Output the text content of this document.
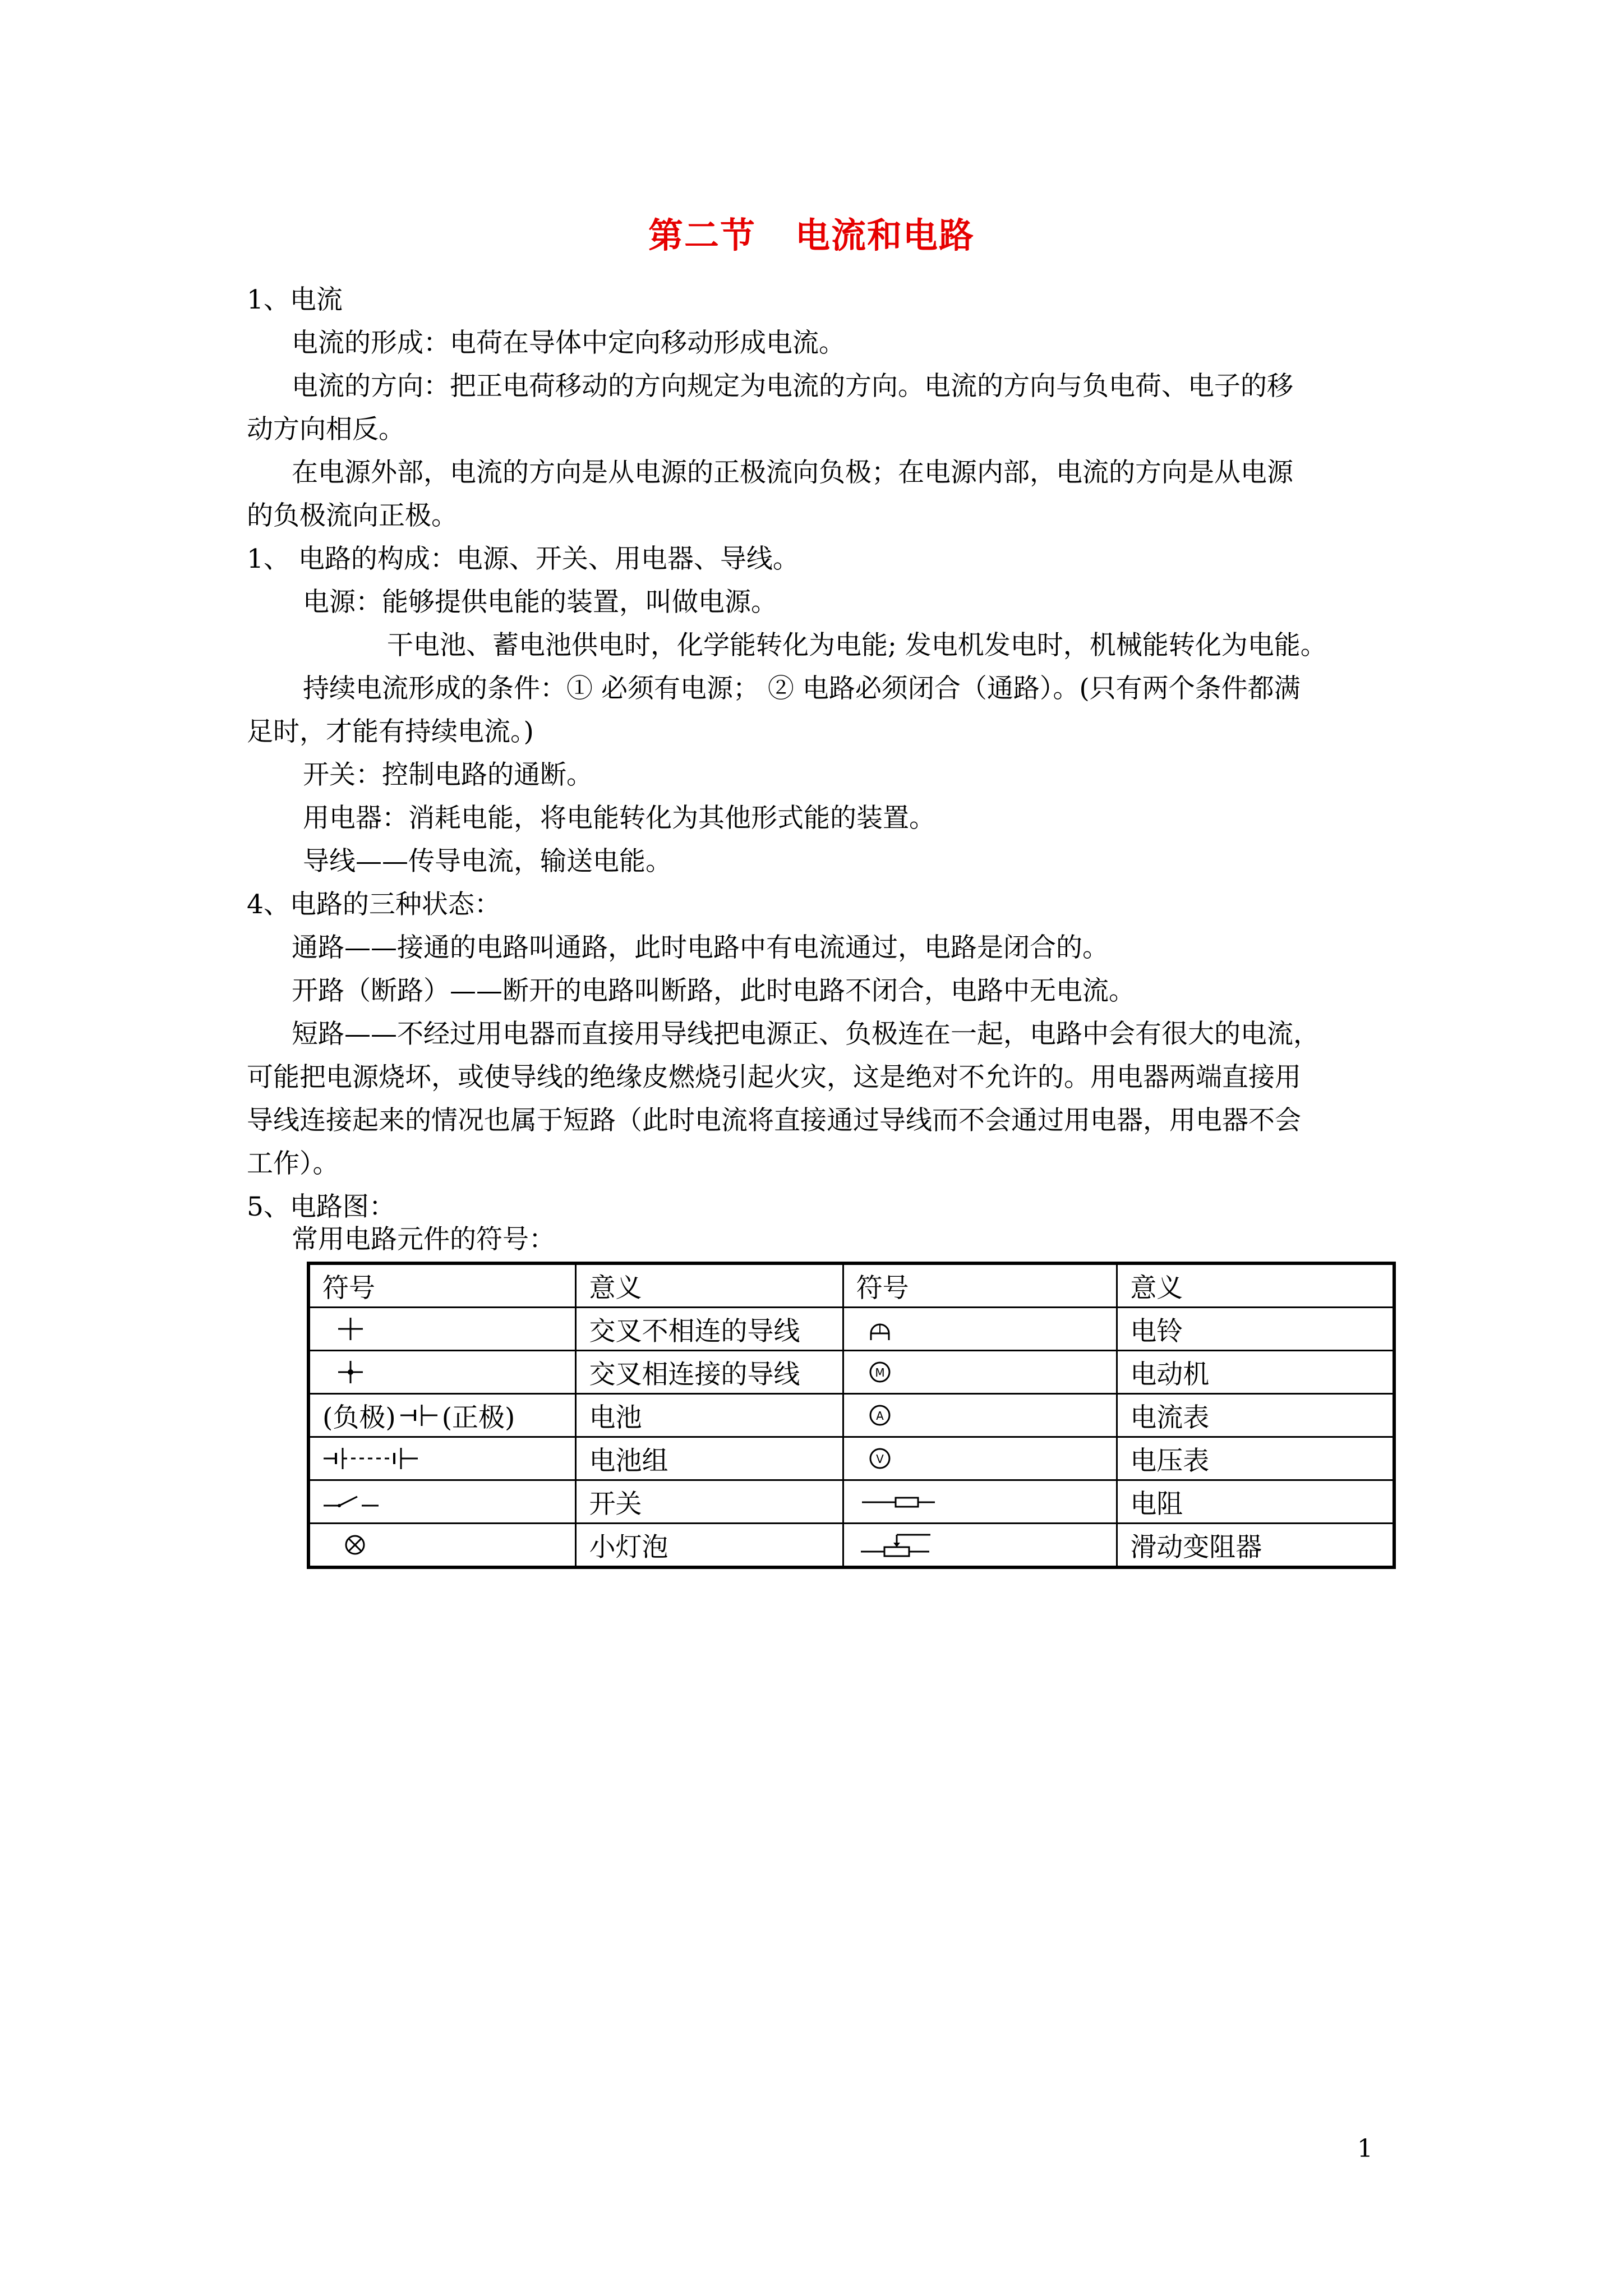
第二节 电流和电路
1、电流
电流的形成：电荷在导体中定向移动形成电流。
电流的方向：把正电荷移动的方向规定为电流的方向。电流的方向与负电荷、电子的移
动方向相反。
在电源外部，电流的方向是从电源的正极流向负极；在电源内部，电流的方向是从电源
的负极流向正极。
1、 电路的构成：电源、开关、用电器、导线。
电源：能够提供电能的装置，叫做电源。
干电池、蓄电池供电时，化学能转化为电能; 发电机发电时，机械能转化为电能。
持续电流形成的条件：① 必须有电源； ② 电路必须闭合（通路）。(只有两个条件都满
足时，才能有持续电流。)
开关：控制电路的通断。
用电器：消耗电能，将电能转化为其他形式能的装置。
导线——传导电流，输送电能。
4、电路的三种状态：
通路——接通的电路叫通路，此时电路中有电流通过，电路是闭合的。
开路（断路）——断开的电路叫断路，此时电路不闭合，电路中无电流。
短路——不经过用电器而直接用导线把电源正、负极连在一起，电路中会有很大的电流，
可能把电源烧坏，或使导线的绝缘皮燃烧引起火灾，这是绝对不允许的。用电器两端直接用
导线连接起来的情况也属于短路（此时电流将直接通过导线而不会通过用电器，用电器不会
工作）。
5、电路图：
常用电路元件的符号：
符号	意义	符号	意义

	交叉不相连的导线		电铃

	交叉相连接的导线	M	电动机

(负极) (正极)	电池	A	电流表

	电池组	V	电压表

	开关		电阻

	小灯泡		滑动变阻器
1
